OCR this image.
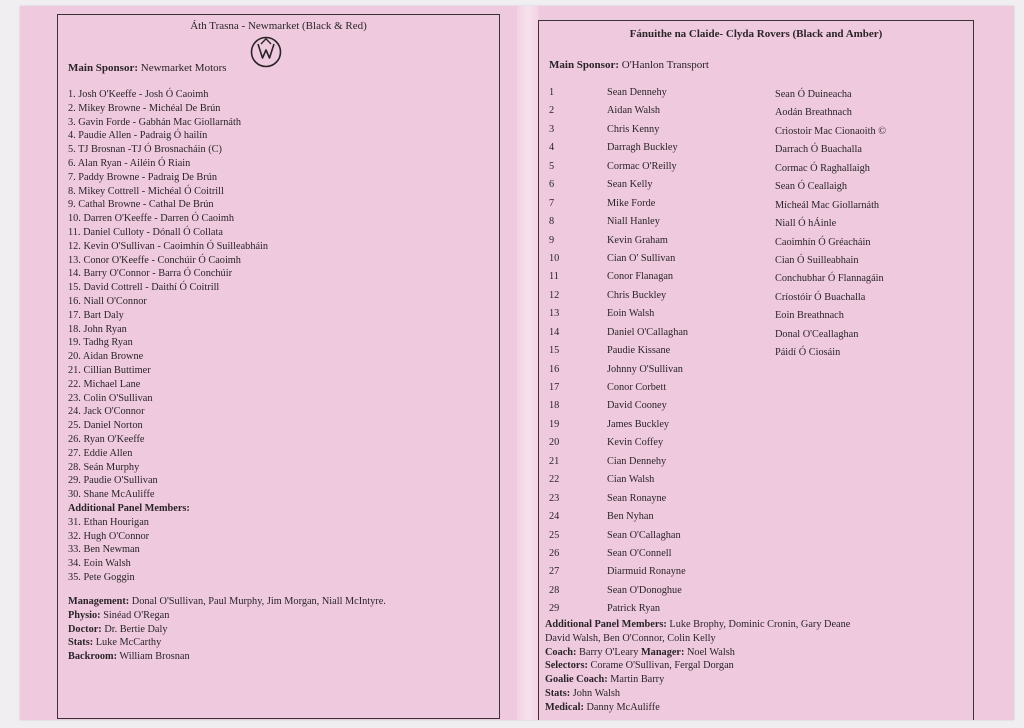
Áth Trasna - Newmarket (Black & Red)
Main Sponsor: Newmarket Motors
1. Josh O'Keeffe - Josh Ó Caoimh
2. Mikey Browne - Michéal De Brún
3. Gavin Forde - Gabhán Mac Giollarnáth
4. Paudie Allen - Padraig Ó hailín
5. TJ Brosnan -TJ Ó Brosnacháin (C)
6. Alan Ryan - Ailéin Ó Riain
7. Paddy Browne - Padraig De Brún
8. Mikey Cottrell - Michéal Ó Coitrill
9. Cathal Browne - Cathal De Brún
10. Darren O'Keeffe - Darren Ó Caoimh
11. Daniel Culloty - Dónall Ó Collata
12. Kevin O'Sullivan - Caoimhín Ó Suilleabháin
13. Conor O'Keeffe - Conchúir Ó Caoimh
14. Barry O'Connor - Barra Ó Conchúir
15. David Cottrell - Daithí Ó Coitrill
16. Niall O'Connor
17. Bart Daly
18. John Ryan
19. Tadhg Ryan
20. Aidan Browne
21. Cillian Buttimer
22. Michael Lane
23. Colin O'Sullivan
24. Jack O'Connor
25. Daniel Norton
26. Ryan O'Keeffe
27. Eddie Allen
28. Seán Murphy
29. Paudie O'Sullivan
30. Shane McAuliffe
Additional Panel Members:
31. Ethan Hourigan
32. Hugh O'Connor
33. Ben Newman
34. Eoin Walsh
35. Pete Goggin
Management: Donal O'Sullivan, Paul Murphy, Jim Morgan, Niall McIntyre.
Physio: Sinéad O'Regan
Doctor: Dr. Bertie Daly
Stats: Luke McCarthy
Backroom: William Brosnan
Fánuithe na Claide- Clyda Rovers (Black and Amber)
Main Sponsor: O'Hanlon Transport
1	Sean Dennehy	Sean Ó Duineacha
2	Aidan Walsh	Aodán Breathnach
3	Chris Kenny	Criostoir Mac Cionaoith ©
4	Darragh Buckley	Darrach Ó Buachalla
5	Cormac O'Reilly	Cormac Ó Raghallaigh
6	Sean Kelly	Sean Ó Ceallaigh
7	Mike Forde	Mícheál Mac Giollarnáth
8	Niall Hanley	Niall Ó hÁinle
9	Kevin Graham	Caoimhín Ó Gréacháin
10	Cian O' Sullivan	Cian Ó Suilleabhain
11	Conor Flanagan	Conchubhar Ó Flannagáin
12	Chris Buckley	Críostóir Ó Buachalla
13	Eoin Walsh	Eoin Breathnach
14	Daniel O'Callaghan	Donal O'Ceallaghan
15	Paudie Kissane	Páidí Ó Ciosáin
16	Johnny O'Sullivan
17	Conor Corbett
18	David Cooney
19	James Buckley
20	Kevin Coffey
21	Cian Dennehy
22	Cian Walsh
23	Sean Ronayne
24	Ben Nyhan
25	Sean O'Callaghan
26	Sean O'Connell
27	Diarmuid Ronayne
28	Sean O'Donoghue
29	Patrick Ryan
Additional Panel Members: Luke Brophy, Dominic Cronin, Gary Deane
David Walsh, Ben O'Connor, Colin Kelly
Coach: Barry O'Leary Manager: Noel Walsh
Selectors: Corame O'Sullivan, Fergal Dorgan
Goalie Coach: Martin Barry
Stats: John Walsh
Medical: Danny McAuliffe
